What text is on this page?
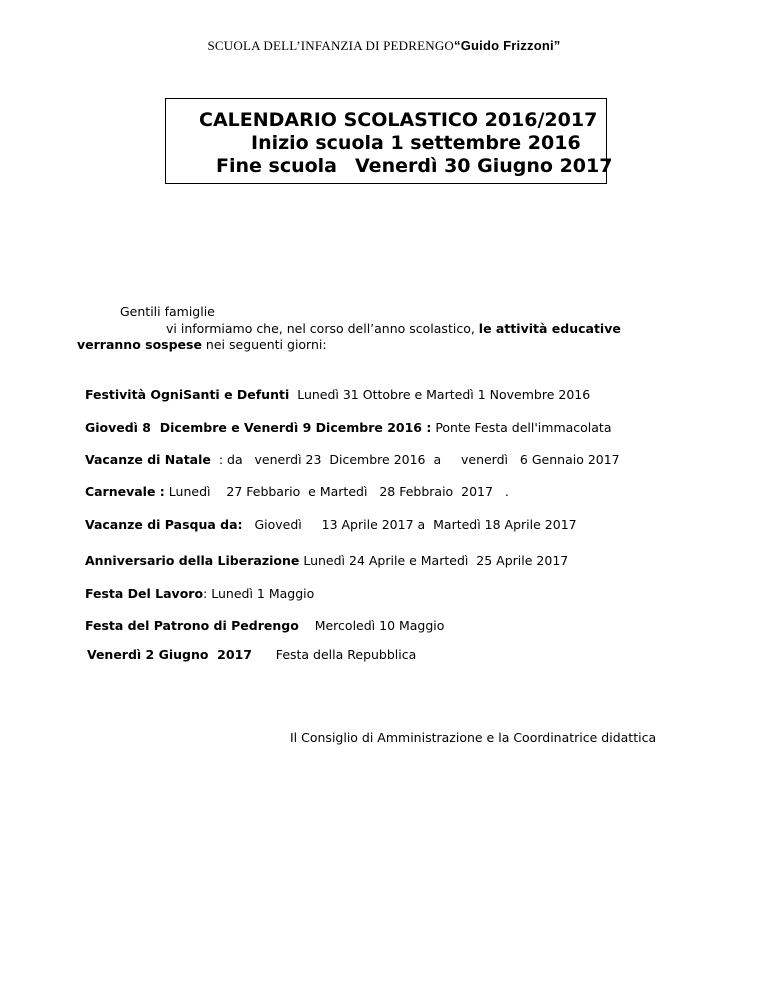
SCUOLA DELL’INFANZIA DI PEDRENGO“Guido Frizzoni”
CALENDARIO SCOLASTICO 2016/2017
Inizio scuola 1 settembre 2016
Fine scuola Venerdì 30 Giugno 2017
Gentili famiglie
vi informiamo che, nel corso dell’anno scolastico, le attività educative
verranno sospese nei seguenti giorni:

Festività OgniSanti e Defunti  Lunedì 31 Ottobre e Martedì 1 Novembre 2016

Giovedì 8  Dicembre e Venerdì 9 Dicembre 2016 : Ponte Festa dell'immacolata

Vacanze di Natale  : da   venerdì 23  Dicembre 2016  a     venerdì   6 Gennaio 2017

Carnevale : Lunedì    27 Febbario  e Martedì   28 Febbraio  2017   .

Vacanze di Pasqua da:   Giovedì     13 Aprile 2017 a  Martedì 18 Aprile 2017

Anniversario della Liberazione Lunedì 24 Aprile e Martedì  25 Aprile 2017

Festa Del Lavoro: Lunedì 1 Maggio

Festa del Patrono di Pedrengo    Mercoledì 10 Maggio

Venerdì 2 Giugno  2017      Festa della Repubblica

Il Consiglio di Amministrazione e la Coordinatrice didattica
